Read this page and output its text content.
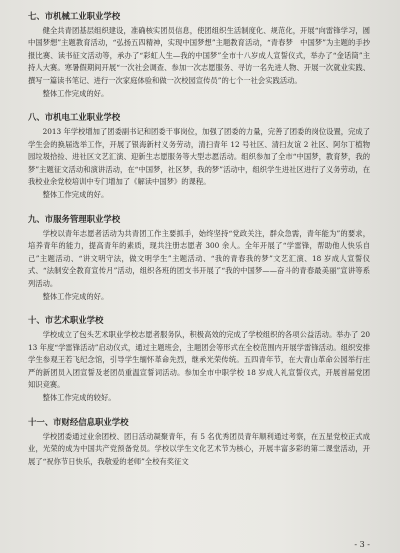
七、市机械工业职业学校

健全共青团基层组织建设，准确核实团员信息，使团组织生活制度化、规范化，开展“向雷锋学习，圆中国梦想”主题教育活动，“弘扬五四精神，实现中国梦想”主题教育活动，“青春梦　中国梦”为主题的手抄报比赛、读书征文活动等，承办了“彩虹人生—我的中国梦”全市十八岁成人宣誓仪式，举办了“金话筒”主持人大赛。寒暑假期间开展“一次社会调查、参加一次志愿服务、寻访一名先进人物、开展一次就业实践、撰写一篇读书笔记、进行一次家庭体验和做一次校园宣传员”的七个一社会实践活动。

整体工作完成的好。

八、市机电工业职业学校

2013 年学校增加了团委副书记和团委干事岗位，加强了团委的力量，完善了团委的岗位设置，完成了学生会的换届选举工作，开展了银海新村义务劳动，清扫青年 12 号社区、清扫友谊 2 社区、阿尔丁植物园垃圾拾捡、进社区文艺汇演、迎新生志愿服务等大型志愿活动。组织参加了全市“中国梦，教育梦，我的梦”主题征文活动和演讲活动，在“中国梦，社区梦，我的梦”活动中，组织学生进社区进行了义务劳动，在我校业余党校培训中专门增加了《解读中国梦》的课程。

整体工作完成的好。

九、市服务管理职业学校

学校以青年志愿者活动为共青团工作主要抓手，始终坚持“党政关注，群众急需，青年能为”的要求，培养青年的能力，提高青年的素质，现共注册志愿者 300 余人。全年开展了“学雷锋，帮助他人快乐自己”主题活动、“讲文明守法，做文明学生”主题活动、“我的青春我的梦”文艺汇演、18 岁成人宣誓仪式、“法制安全教育宣传月”活动，组织各班的团支书开展了“我的中国梦——奋斗的青春最美丽”宣讲等系列活动。

整体工作完成的好。

十、市艺术职业学校

学校成立了包头艺术职业学校志愿者服务队，积极高效的完成了学校组织的各项公益活动。举办了 2013 年度“学雷锋活动”启动仪式，通过主题班会，主题团会等形式在全校范围内开展学雷锋活动。组织安排学生参观王若飞纪念馆，引导学生缅怀革命先烈，继承光荣传统。五四青年节，在大青山革命公园举行庄严的新团员入团宣誓及老团员重温宣誓词活动。参加全市中职学校 18 岁成人礼宣誓仪式，开展首届党团知识竞赛。

整体工作完成的较好。

十一、市财经信息职业学校

学校团委通过业余团校、团日活动凝聚青年，有 5 名优秀团员青年顺利通过考察，在五星党校正式成业，光荣的成为中国共产党预备党员。学校以学生文化艺术节为核心，开展丰富多彩的第二课堂活动，开展了“祝你节日快乐，我敬爱的老师”全校有奖征文

- 3 -
